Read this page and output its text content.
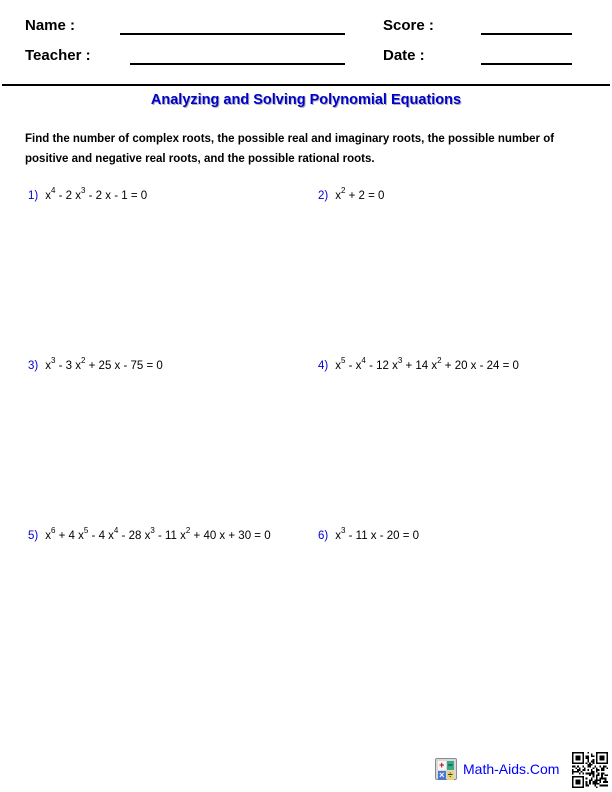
Name :
Teacher :
Score :
Date :
Analyzing and Solving Polynomial Equations
Find the number of complex roots, the possible real and imaginary roots, the possible number of positive and negative real roots, and the possible rational roots.
1) $x^4 - 2$ $x^3 - 2$ x - 1 = 0	2) $x^2 + 2 = 0$
3) $x^3 - 3$ $x^2 + 25$ x - 75 = 0	4) $x^5 - x^4 - 12$ $x^3 + 14$ $x^2 + 20$ x - 24 = 0
5) $x^6 + 4$ $x^5 - 4$ $x^4 - 28$ $x^3 - 11$ $x^2 + 40$ x + 30 = 0	6) $x^3 - 11$ x - 20 = 0
+ −
× ÷ Math-Aids.Com
